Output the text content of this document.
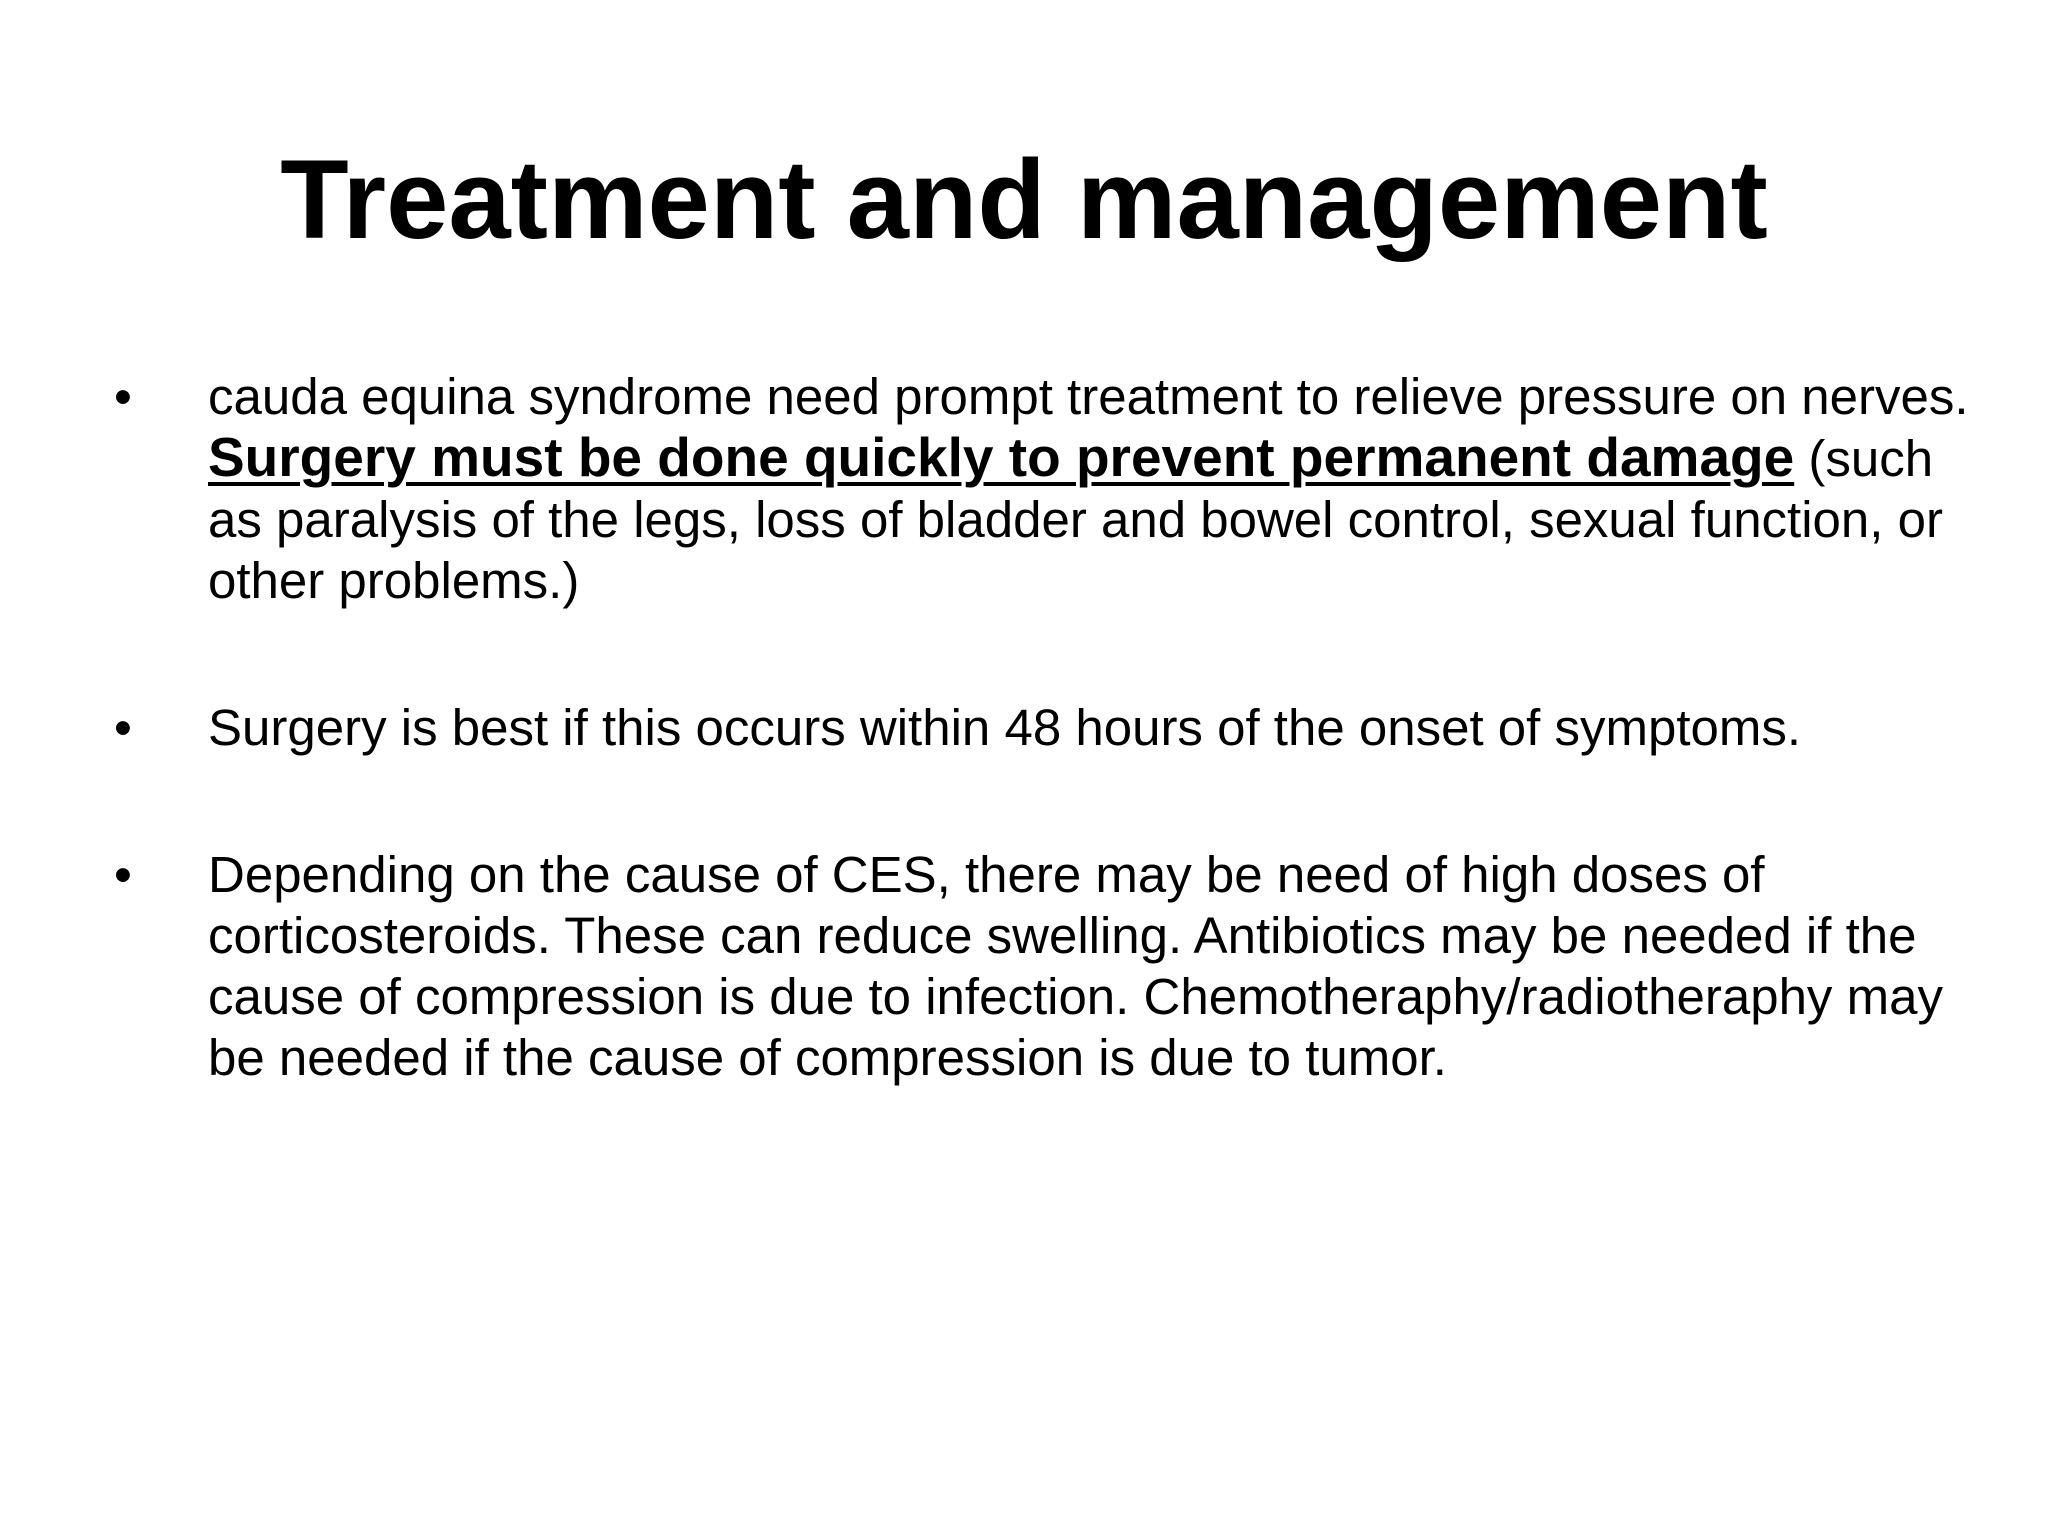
Treatment and management
• cauda equina syndrome need prompt treatment to relieve pressure on nerves. Surgery must be done quickly to prevent permanent damage (such as paralysis of the legs, loss of bladder and bowel control, sexual function, or other problems.)
• Surgery is best if this occurs within 48 hours of the onset of symptoms.
• Depending on the cause of CES, there may be need of high doses of corticosteroids. These can reduce swelling. Antibiotics may be needed if the cause of compression is due to infection. Chemotheraphy/radiotheraphy may be needed if the cause of compression is due to tumor.
